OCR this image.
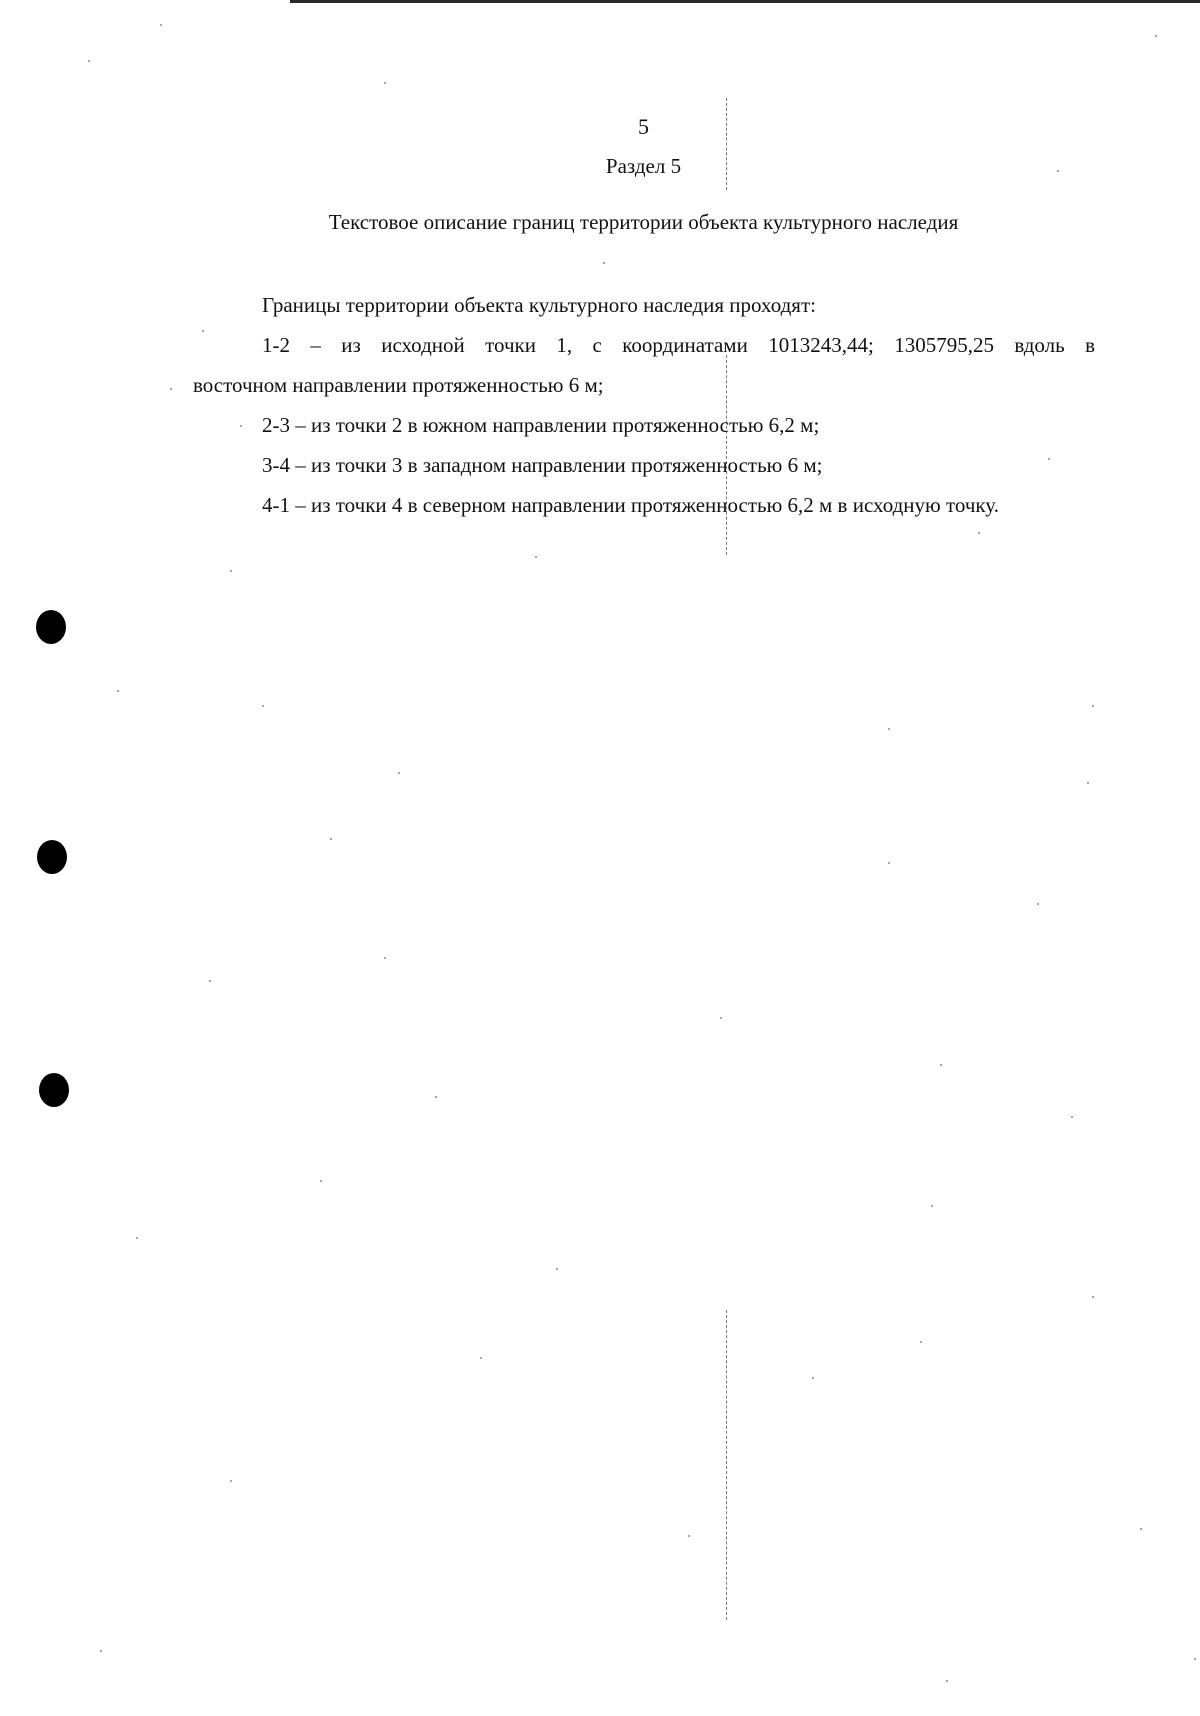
5
Раздел 5
Текстовое описание границ территории объекта культурного наследия
Границы территории объекта культурного наследия проходят:
1-2 – из исходной точки 1, с координатами 1013243,44; 1305795,25 вдоль в
восточном направлении протяженностью 6 м;
2-3 – из точки 2 в южном направлении протяженностью 6,2 м;
3-4 – из точки 3 в западном направлении протяженностью 6 м;
4-1 – из точки 4 в северном направлении протяженностью 6,2 м в исходную точку.
